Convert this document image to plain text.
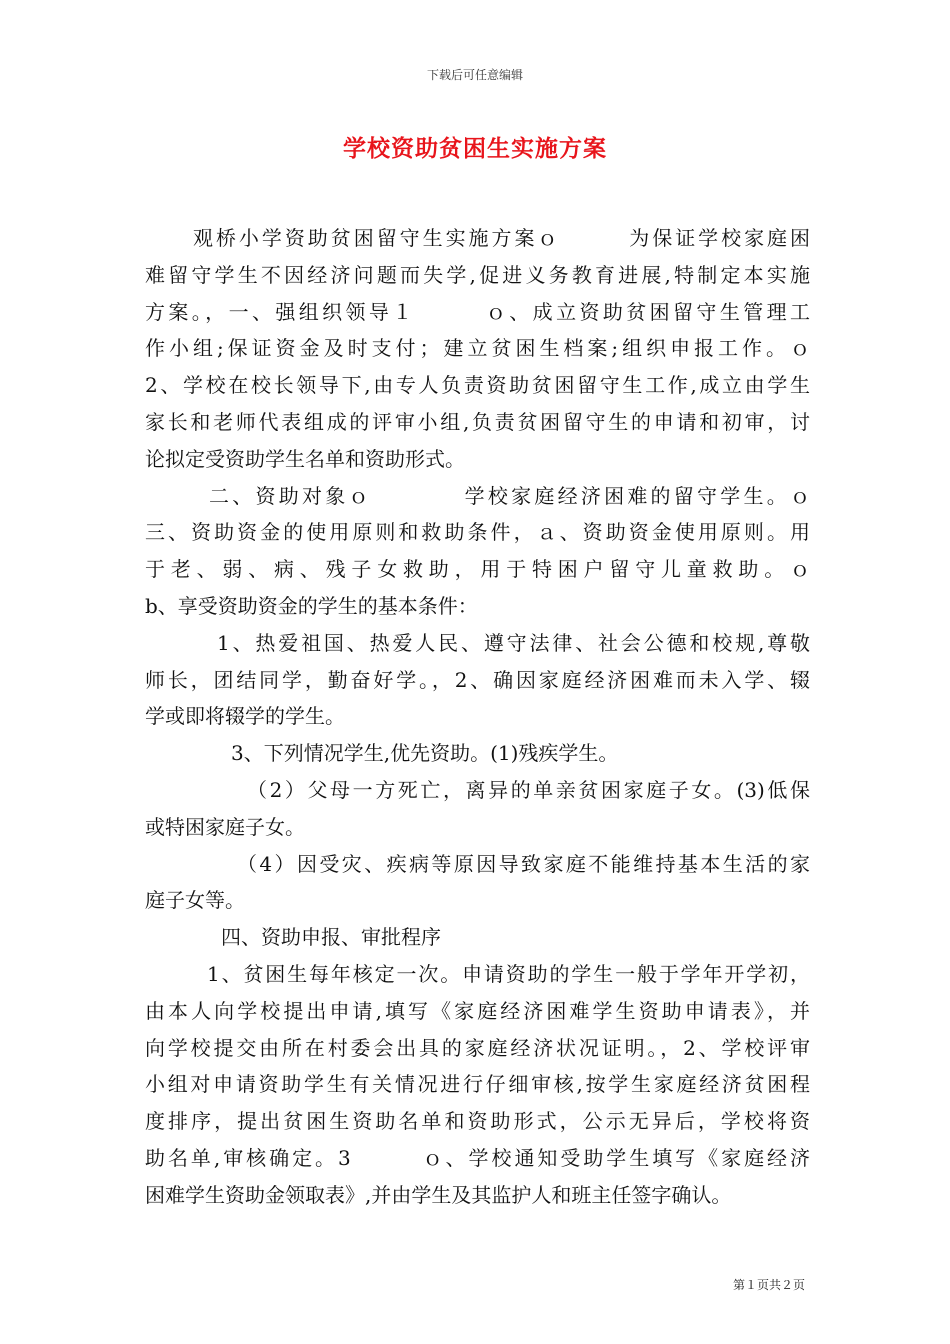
下载后可任意编辑
学校资助贫困生实施方案
观桥小学资助贫困留守生实施方案ｏ　　　为保证学校家庭困
难留守学生不因经济问题而失学,促进义务教育进展,特制定本实施
方案。，一、强组织领导１　　　ｏ、成立资助贫困留守生管理工
作小组;保证资金及时支付；建立贫困生档案;组织申报工作。ｏ
2、学校在校长领导下,由专人负责资助贫困留守生工作,成立由学生
家长和老师代表组成的评审小组,负责贫困留守生的申请和初审，讨
论拟定受资助学生名单和资助形式。
二、资助对象ｏ　　　　学校家庭经济困难的留守学生。ｏ
三、资助资金的使用原则和救助条件，ａ、资助资金使用原则。用
于老、弱、病、残子女救助，用于特困户留守儿童救助。ｏ
b、享受资助资金的学生的基本条件：
1、热爱祖国、热爱人民、遵守法律、社会公德和校规,尊敬
师长，团结同学，勤奋好学。，2、确因家庭经济困难而未入学、辍
学或即将辍学的学生。
3、下列情况学生,优先资助。(1)残疾学生。
（2）父母一方死亡，离异的单亲贫困家庭子女。(3)低保
或特困家庭子女。
（4）因受灾、疾病等原因导致家庭不能维持基本生活的家
庭子女等。
四、资助申报、审批程序
1、贫困生每年核定一次。申请资助的学生一般于学年开学初，
由本人向学校提出申请,填写《家庭经济困难学生资助申请表》，并
向学校提交由所在村委会出具的家庭经济状况证明。，2、学校评审
小组对申请资助学生有关情况进行仔细审核,按学生家庭经济贫困程
度排序，提出贫困生资助名单和资助形式，公示无异后，学校将资
助名单,审核确定。3　　　ｏ、学校通知受助学生填写《家庭经济
困难学生资助金领取表》,并由学生及其监护人和班主任签字确认。
第１页共２页
